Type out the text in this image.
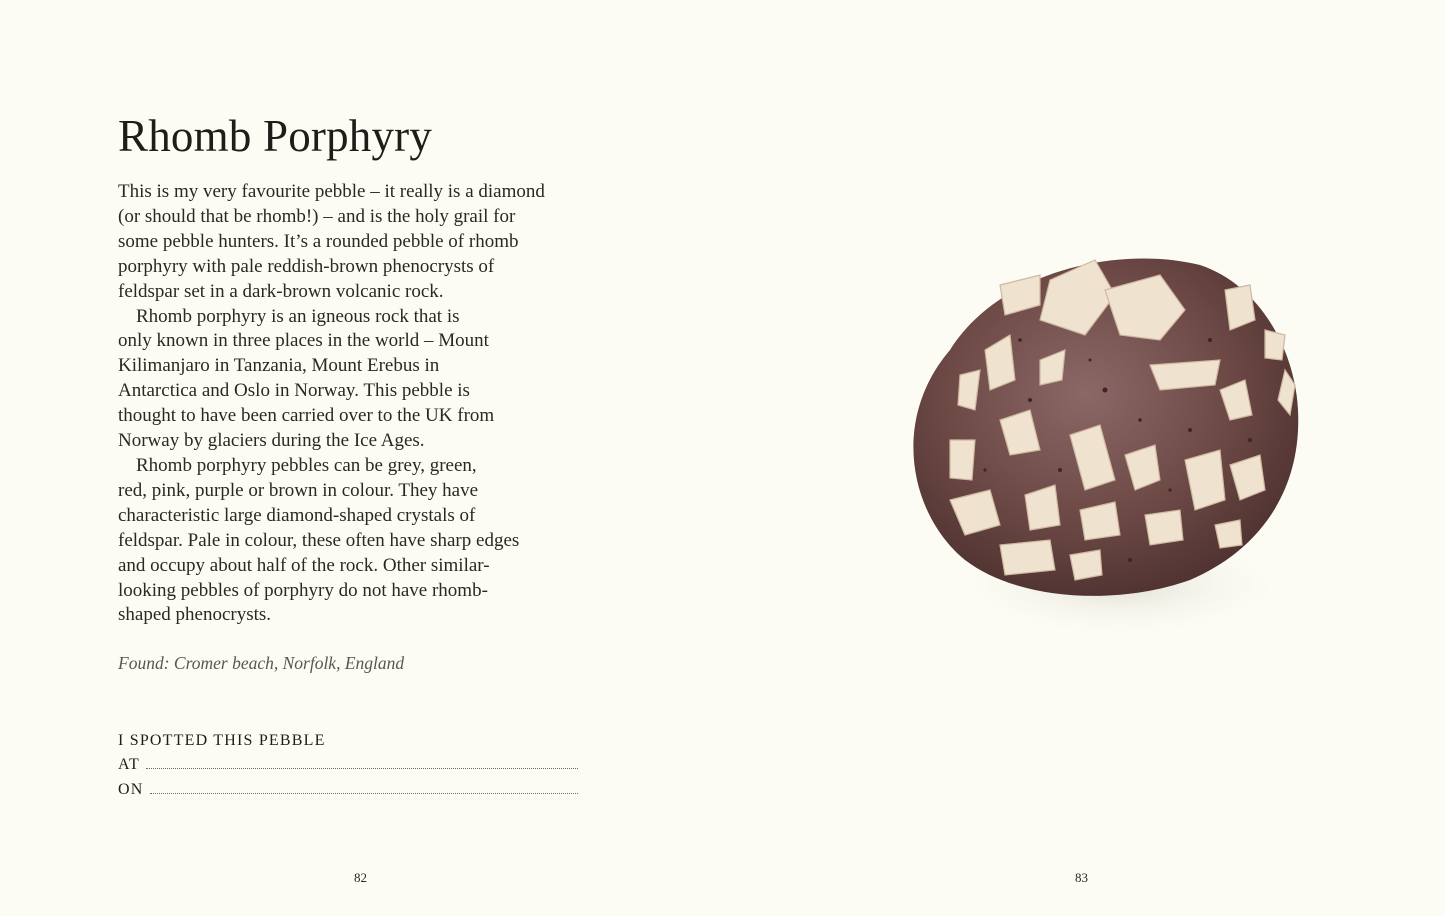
Rhomb Porphyry
This is my very favourite pebble – it really is a diamond
(or should that be rhomb!) – and is the holy grail for
some pebble hunters. It’s a rounded pebble of rhomb
porphyry with pale reddish-brown phenocrysts of
feldspar set in a dark-brown volcanic rock.
Rhomb porphyry is an igneous rock that is
only known in three places in the world – Mount
Kilimanjaro in Tanzania, Mount Erebus in
Antarctica and Oslo in Norway. This pebble is
thought to have been carried over to the UK from
Norway by glaciers during the Ice Ages.
Rhomb porphyry pebbles can be grey, green,
red, pink, purple or brown in colour. They have
characteristic large diamond-shaped crystals of
feldspar. Pale in colour, these often have sharp edges
and occupy about half of the rock. Other similar-
looking pebbles of porphyry do not have rhomb-
shaped phenocrysts.
Found: Cromer beach, Norfolk, England
I SPOTTED THIS PEBBLE
AT
ON
82	83
